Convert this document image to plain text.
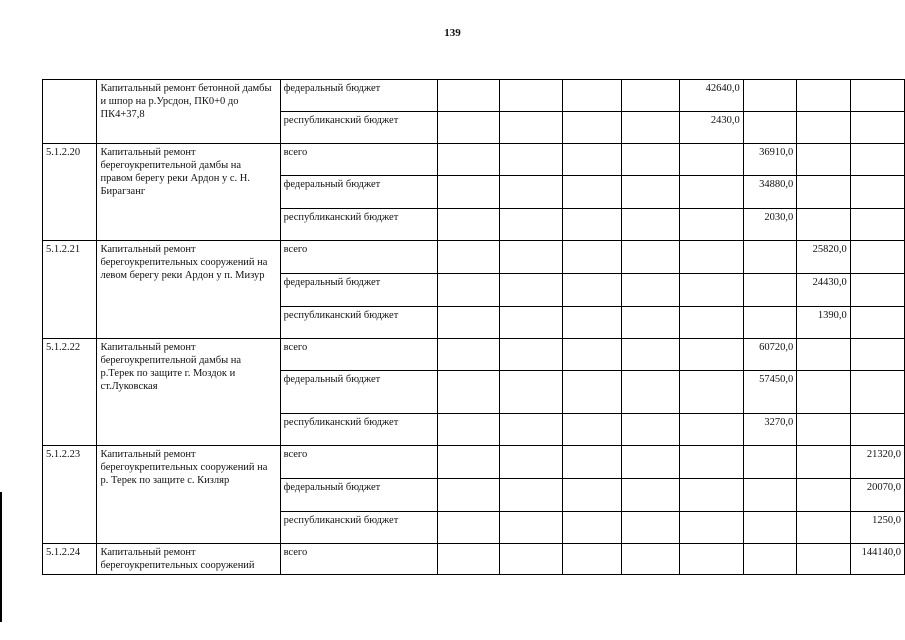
139
	Капитальный ремонт бетонной дамбы и шпор на р.Урсдон, ПК0+0 до ПК4+37,8	федеральный бюджет					42640,0			
		республиканский бюджет					2430,0			
5.1.2.20	Капитальный ремонт берегоукрепительной дамбы на правом берегу реки Ардон у с. Н. Бирагзанг	всего						36910,0		
		федеральный бюджет						34880,0		
		республиканский бюджет						2030,0		
5.1.2.21	Капитальный ремонт берегоукрепительных сооружений на левом берегу реки Ардон у п. Мизур	всего							25820,0	
		федеральный бюджет							24430,0	
		республиканский бюджет							1390,0	
5.1.2.22	Капитальный ремонт берегоукрепительной дамбы на р.Терек по защите г. Моздок и ст.Луковская	всего						60720,0		
		федеральный бюджет						57450,0		
		республиканский бюджет						3270,0		
5.1.2.23	Капитальный ремонт берегоукрепительных сооружений на р. Терек по защите с. Кизляр	всего								21320,0
		федеральный бюджет								20070,0
		республиканский бюджет								1250,0
5.1.2.24	Капитальный ремонт берегоукрепительных сооружений	всего								144140,0
